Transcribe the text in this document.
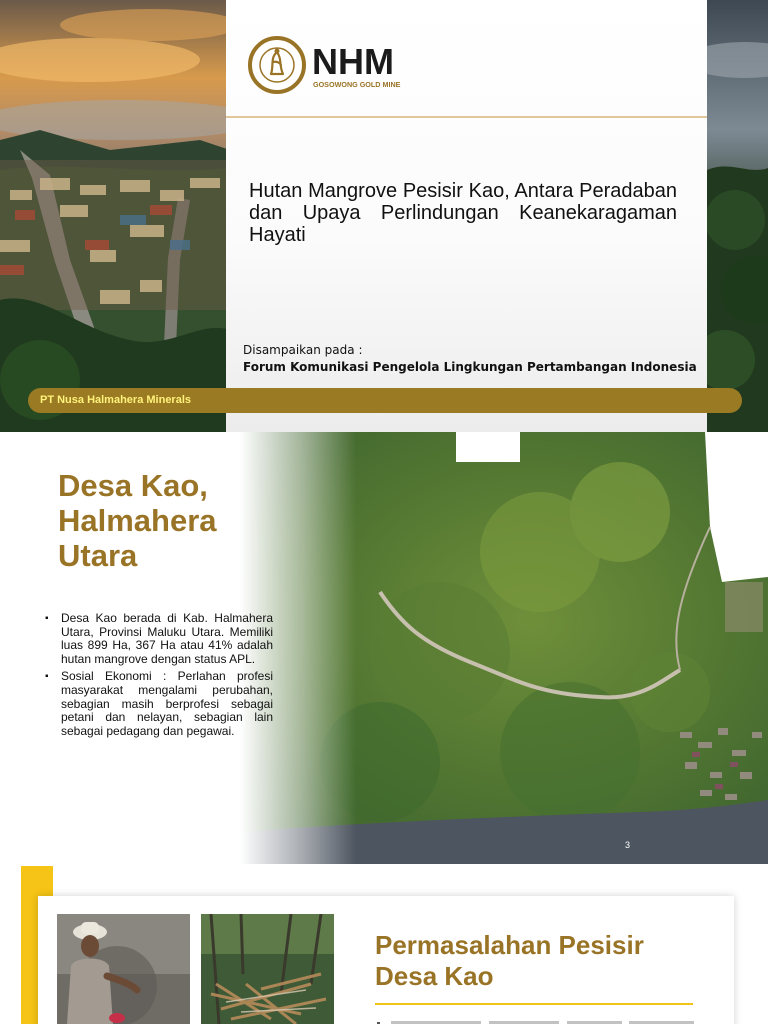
NHM
GOSOWONG GOLD MINE
Hutan Mangrove Pesisir Kao, Antara Peradaban dan Upaya Perlindungan Keanekaragaman Hayati
Disampaikan pada :
Forum Komunikasi Pengelola Lingkungan Pertambangan Indonesia
PT Nusa Halmahera Minerals
Desa Kao,
Halmahera
Utara
▪ Desa Kao berada di Kab. Halmahera Utara, Provinsi Maluku Utara. Memiliki luas 899 Ha, 367 Ha atau 41% adalah hutan mangrove dengan status APL.
▪ Sosial Ekonomi : Perlahan profesi masyarakat mengalami perubahan, sebagian masih berprofesi sebagai petani dan nelayan, sebagian lain sebagai pedagang dan pegawai.
3
Permasalahan Pesisir
Desa Kao
